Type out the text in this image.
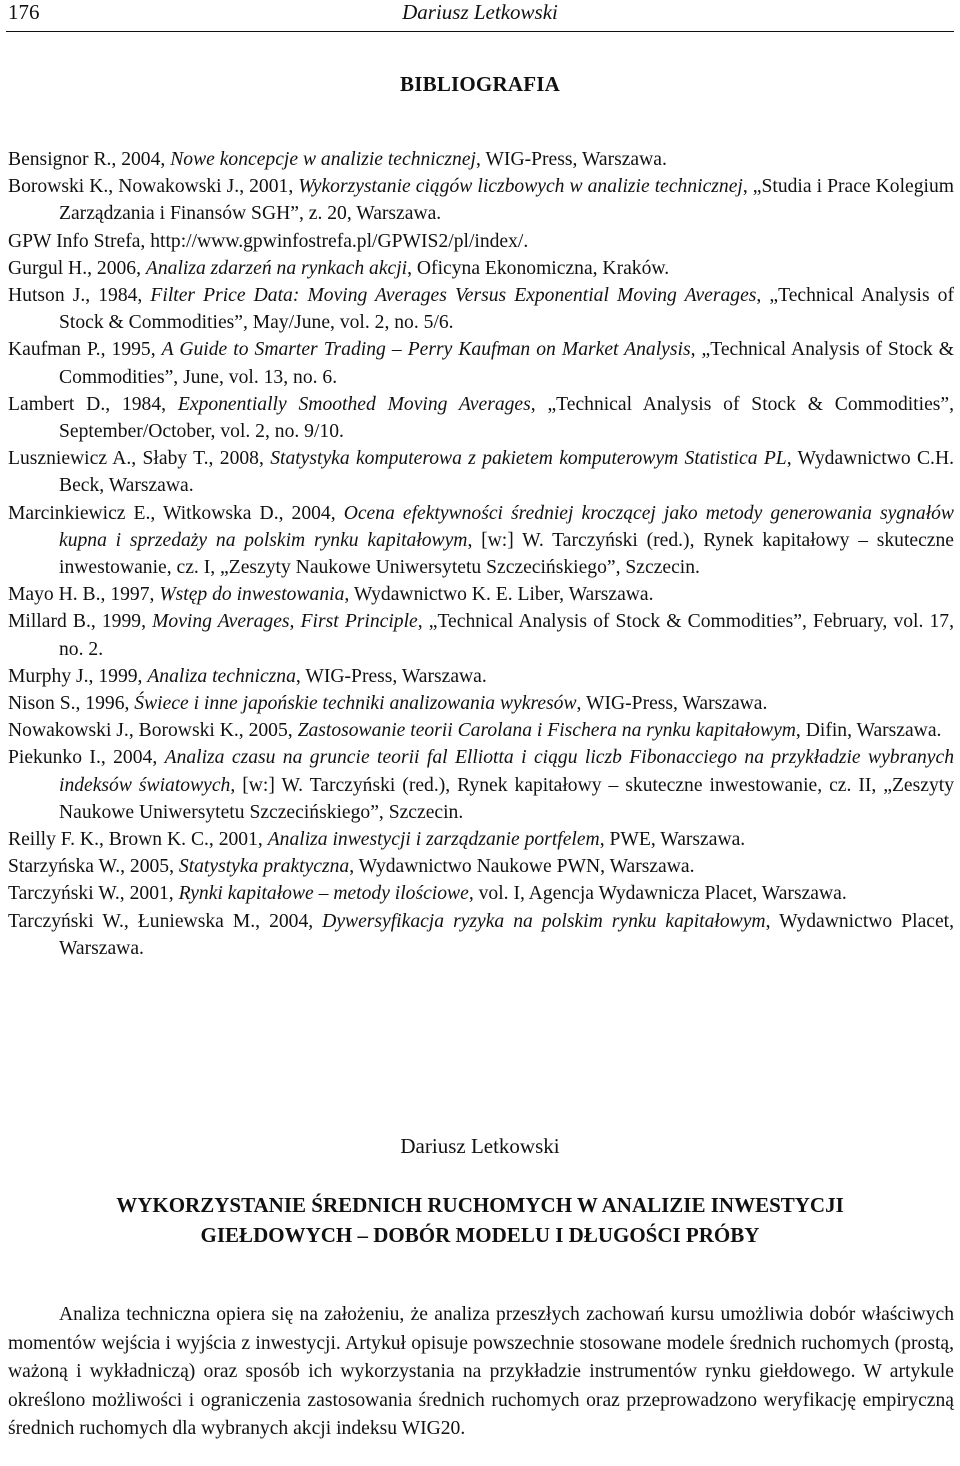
176	Dariusz Letkowski
BIBLIOGRAFIA

Bensignor R., 2004, Nowe koncepcje w analizie technicznej, WIG-Press, Warszawa.

Borowski K., Nowakowski J., 2001, Wykorzystanie ciągów liczbowych w analizie technicznej, „Studia i Prace Kolegium Zarządzania i Finansów SGH”, z. 20, Warszawa.

GPW Info Strefa, http://www.gpwinfostrefa.pl/GPWIS2/pl/index/.

Gurgul H., 2006, Analiza zdarzeń na rynkach akcji, Oficyna Ekonomiczna, Kraków.

Hutson J., 1984, Filter Price Data: Moving Averages Versus Exponential Moving Averages, „Technical Analysis of Stock & Commodities”, May/June, vol. 2, no. 5/6.

Kaufman P., 1995, A Guide to Smarter Trading – Perry Kaufman on Market Analysis, „Technical Analysis of Stock & Commodities”, June, vol. 13, no. 6.

Lambert D., 1984, Exponentially Smoothed Moving Averages, „Technical Analysis of Stock & Commodities”, September/October, vol. 2, no. 9/10.

Luszniewicz A., Słaby T., 2008, Statystyka komputerowa z pakietem komputerowym Statistica PL, Wydawnictwo C.H. Beck, Warszawa.

Marcinkiewicz E., Witkowska D., 2004, Ocena efektywności średniej kroczącej jako metody generowania sygnałów kupna i sprzedaży na polskim rynku kapitałowym, [w:] W. Tarczyński (red.), Rynek kapitałowy – skuteczne inwestowanie, cz. I, „Zeszyty Naukowe Uniwersytetu Szczecińskiego”, Szczecin.

Mayo H. B., 1997, Wstęp do inwestowania, Wydawnictwo K. E. Liber, Warszawa.

Millard B., 1999, Moving Averages, First Principle, „Technical Analysis of Stock & Commodities”, February, vol. 17, no. 2.

Murphy J., 1999, Analiza techniczna, WIG-Press, Warszawa.

Nison S., 1996, Świece i inne japońskie techniki analizowania wykresów, WIG-Press, Warszawa.

Nowakowski J., Borowski K., 2005, Zastosowanie teorii Carolana i Fischera na rynku kapitałowym, Difin, Warszawa.

Piekunko I., 2004, Analiza czasu na gruncie teorii fal Elliotta i ciągu liczb Fibonacciego na przykładzie wybranych indeksów światowych, [w:] W. Tarczyński (red.), Rynek kapitałowy – skuteczne inwestowanie, cz. II, „Zeszyty Naukowe Uniwersytetu Szczecińskiego”, Szczecin.

Reilly F. K., Brown K. C., 2001, Analiza inwestycji i zarządzanie portfelem, PWE, Warszawa.

Starzyńska W., 2005, Statystyka praktyczna, Wydawnictwo Naukowe PWN, Warszawa.

Tarczyński W., 2001, Rynki kapitałowe – metody ilościowe, vol. I, Agencja Wydawnicza Placet, Warszawa.

Tarczyński W., Łuniewska M., 2004, Dywersyfikacja ryzyka na polskim rynku kapitałowym, Wydawnictwo Placet, Warszawa.

Dariusz Letkowski
WYKORZYSTANIE ŚREDNICH RUCHOMYCH W ANALIZIE INWESTYCJI
GIEŁDOWYCH – DOBÓR MODELU I DŁUGOŚCI PRÓBY

Analiza techniczna opiera się na założeniu, że analiza przeszłych zachowań kursu umożliwia dobór właściwych momentów wejścia i wyjścia z inwestycji. Artykuł opisuje powszechnie stosowane modele średnich ruchomych (prostą, ważoną i wykładniczą) oraz sposób ich wykorzystania na przykładzie instrumentów rynku giełdowego. W artykule określono możliwości i ograniczenia zastosowania średnich ruchomych oraz przeprowadzono weryfikację empiryczną średnich ruchomych dla wybranych akcji indeksu WIG20.
